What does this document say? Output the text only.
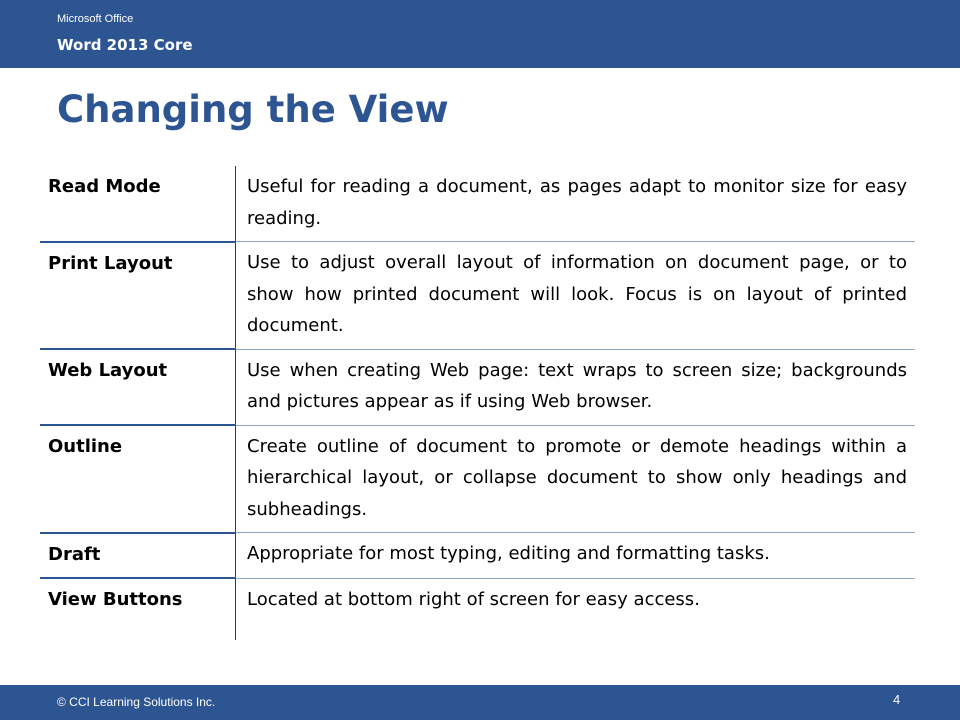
Microsoft Office
Word 2013 Core
Changing the View
Read Mode	Useful for reading a document, as pages adapt to monitor size for easy reading.
Print Layout	Use to adjust overall layout of information on document page, or to show how printed document will look. Focus is on layout of printed document.
Web Layout	Use when creating Web page: text wraps to screen size; backgrounds and pictures appear as if using Web browser.
Outline	Create outline of document to promote or demote headings within a hierarchical layout, or collapse document to show only headings and subheadings.
Draft	Appropriate for most typing, editing and formatting tasks.
View Buttons	Located at bottom right of screen for easy access.
© CCI Learning Solutions Inc.	4
